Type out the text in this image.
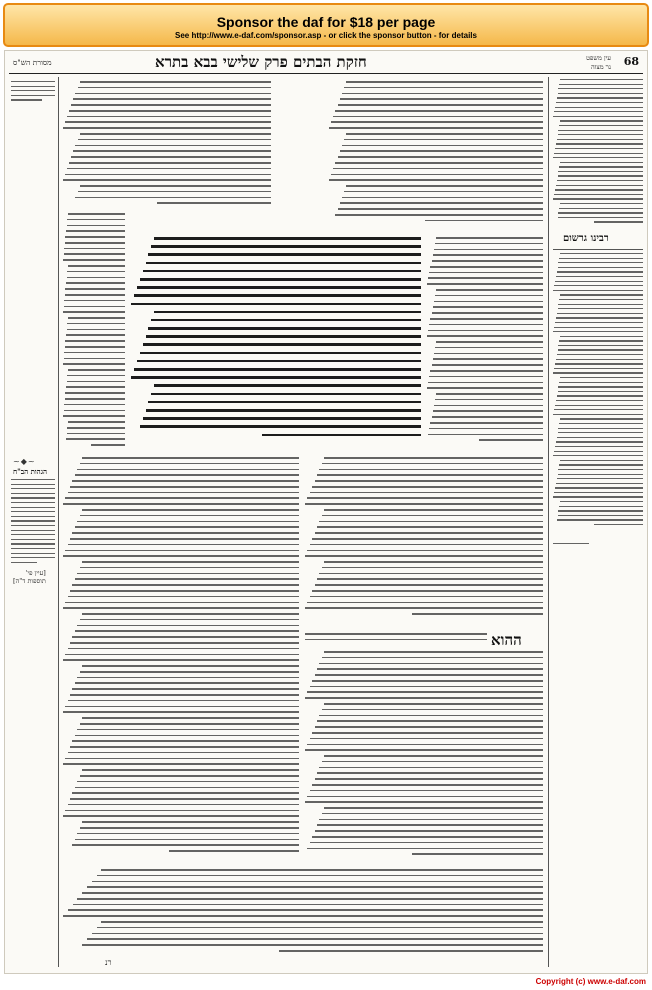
Sponsor the daf for $18 per page
See http://www.e-daf.com/sponsor.asp - or click the sponsor button - for details
68
חזקת הבתים פרק שלישי בבא בתרא
מסורת הש"ס	עין משפט
נר מצוה
[עיין פי'
תוספות ד"ה]
~◆~
הגהות הב"ח
ההוא
רנ
רבינו גרשום
Copyright (c) www.e-daf.com
